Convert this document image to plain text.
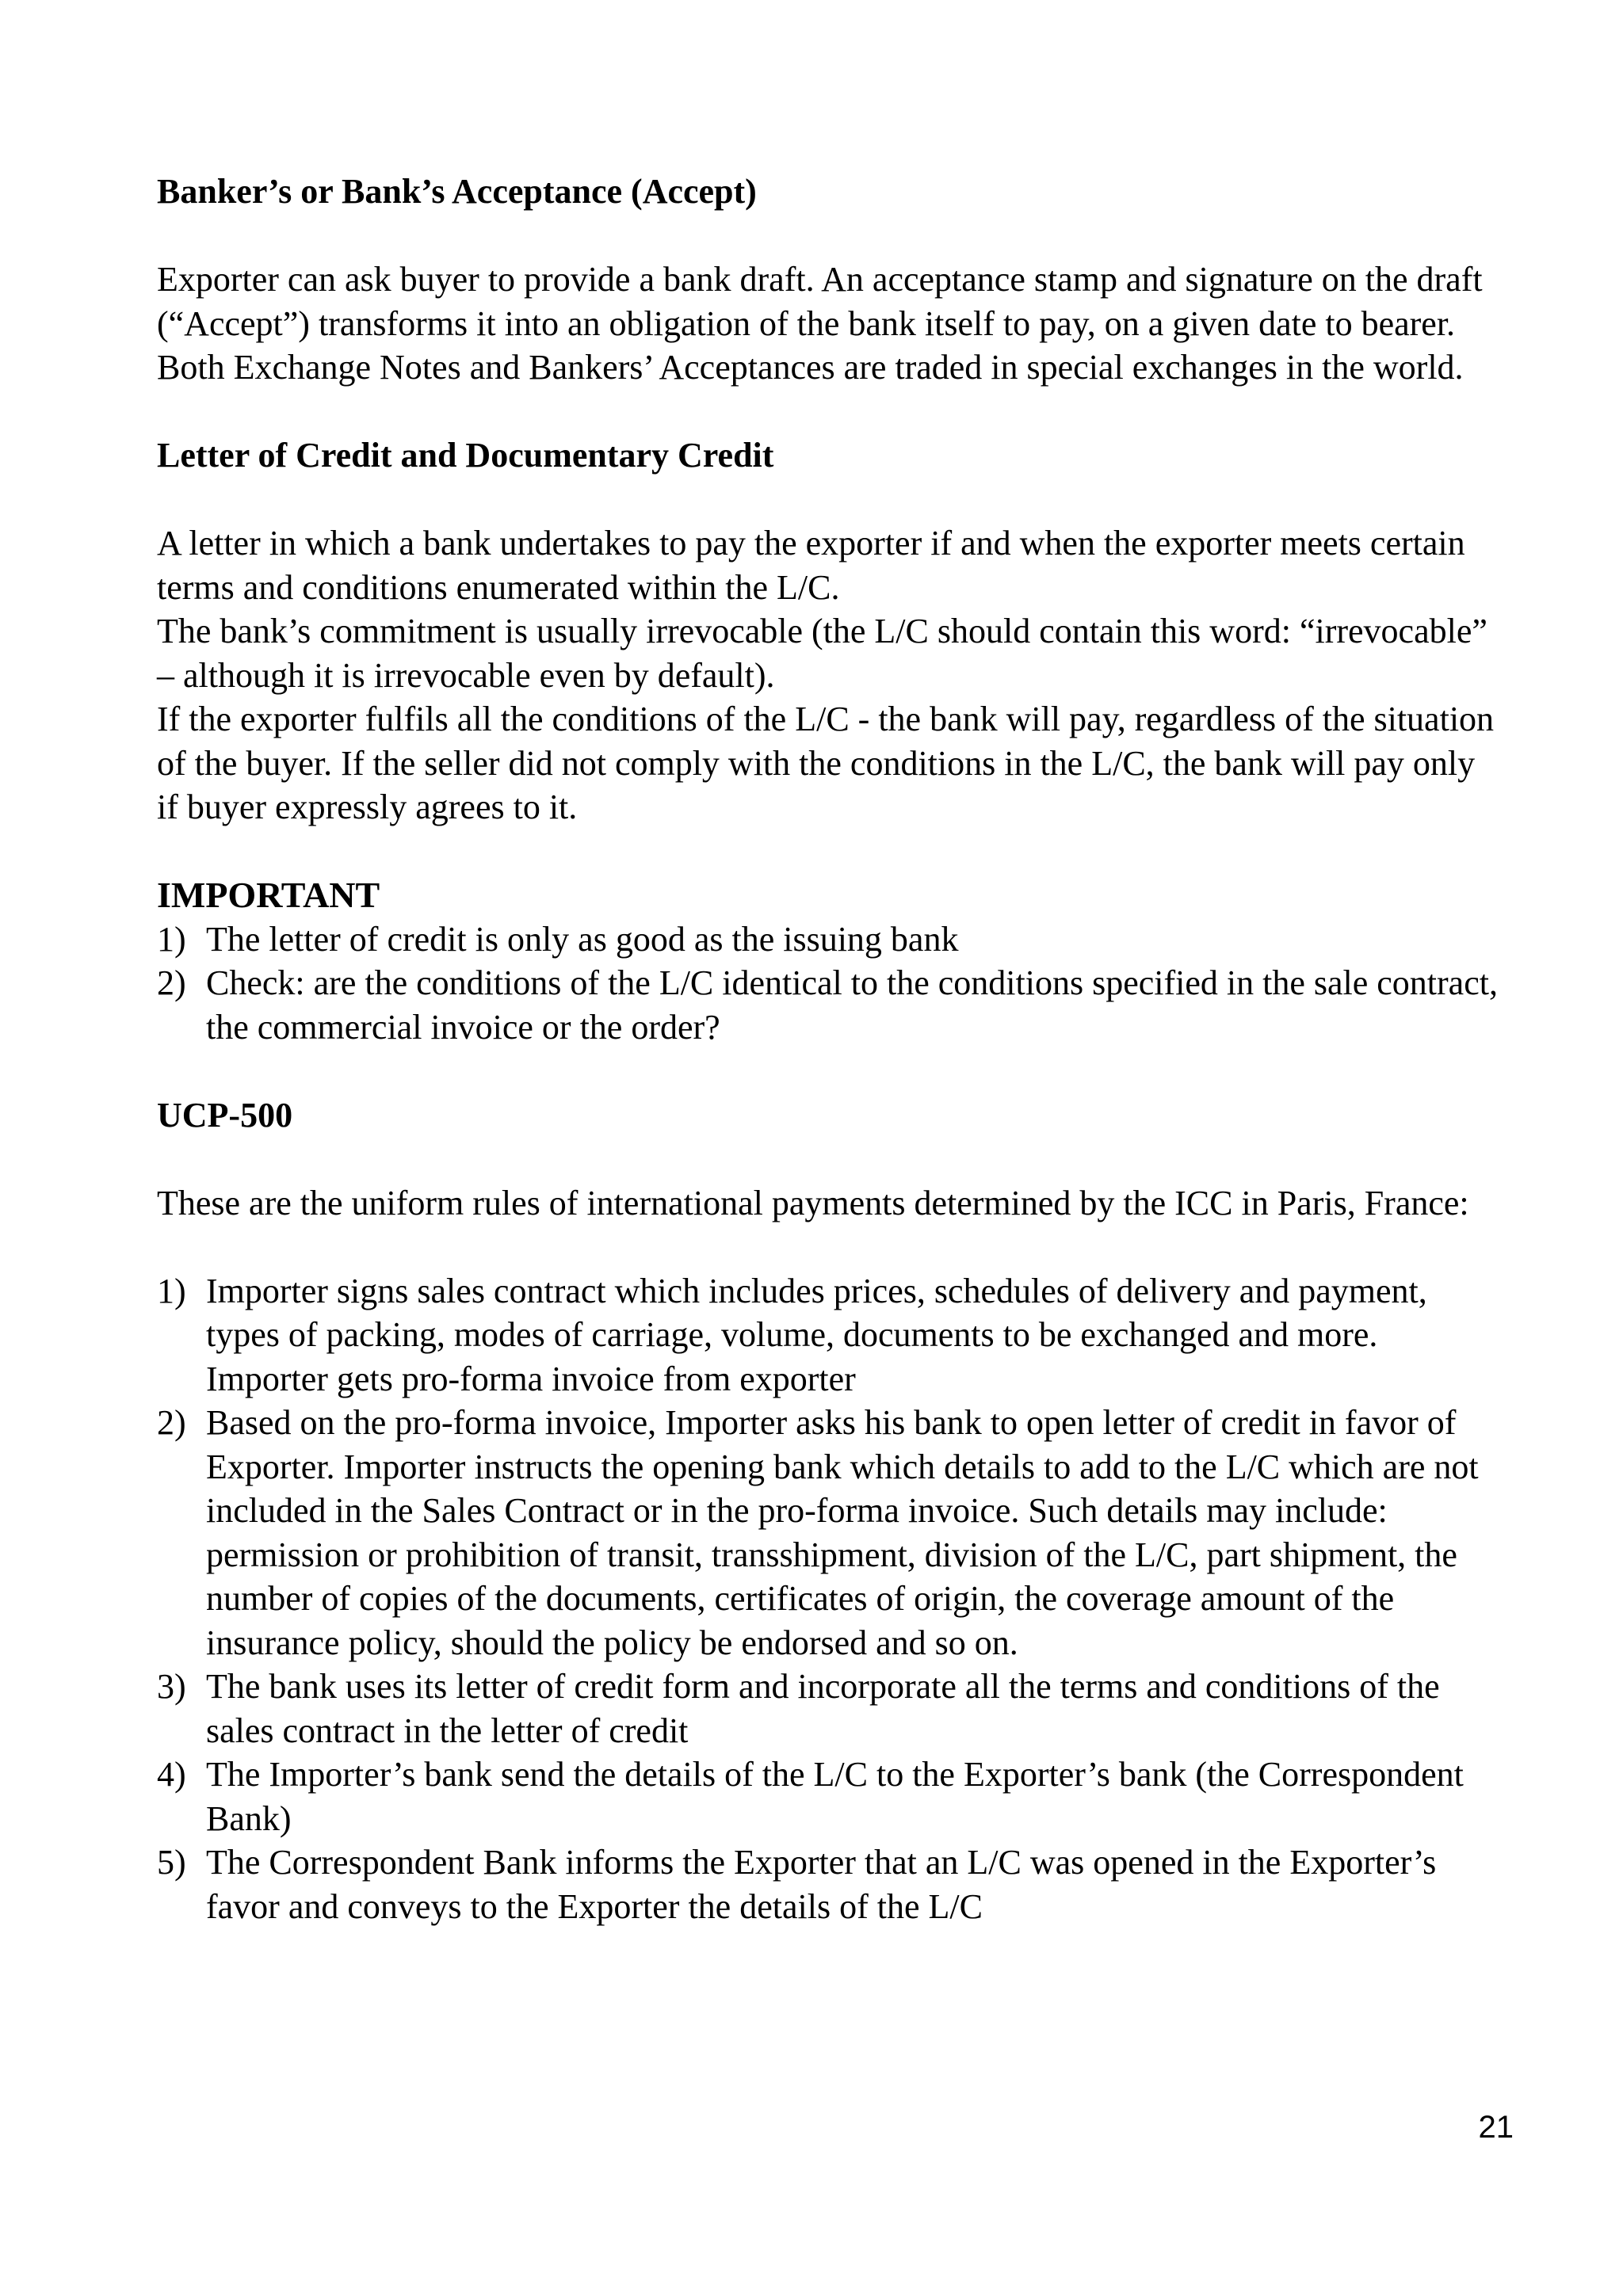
Banker’s or Bank’s Acceptance (Accept)

Exporter can ask buyer to provide a bank draft. An acceptance stamp and signature on the draft (“Accept”) transforms it into an obligation of the bank itself to pay, on a given date to bearer.

Both Exchange Notes and Bankers’ Acceptances are traded in special exchanges in the world.

Letter of Credit and Documentary Credit

A letter in which a bank undertakes to pay the exporter if and when the exporter meets certain terms and conditions enumerated within the L/C.

The bank’s commitment is usually irrevocable (the L/C should contain this word: “irrevocable” – although it is irrevocable even by default).

If the exporter fulfils all the conditions of the L/C - the bank will pay, regardless of the situation of the buyer. If the seller did not comply with the conditions in the L/C, the bank will pay only if buyer expressly agrees to it.

IMPORTANT

1) The letter of credit is only as good as the issuing bank
2) Check: are the conditions of the L/C identical to the conditions specified in the sale contract, the commercial invoice or the order?

UCP-500

These are the uniform rules of international payments determined by the ICC in Paris, France:

1) Importer signs sales contract which includes prices, schedules of delivery and payment, types of packing, modes of carriage, volume, documents to be exchanged and more. Importer gets pro-forma invoice from exporter
2) Based on the pro-forma invoice, Importer asks his bank to open letter of credit in favor of Exporter. Importer instructs the opening bank which details to add to the L/C which are not included in the Sales Contract or in the pro-forma invoice. Such details may include: permission or prohibition of transit, transshipment, division of the L/C, part shipment, the number of copies of the documents, certificates of origin, the coverage amount of the insurance policy, should the policy be endorsed and so on.
3) The bank uses its letter of credit form and incorporate all the terms and conditions of the sales contract in the letter of credit
4) The Importer’s bank send the details of the L/C to the Exporter’s bank (the Correspondent Bank)
5) The Correspondent Bank informs the Exporter that an L/C was opened in the Exporter’s favor and conveys to the Exporter the details of the L/C
21
